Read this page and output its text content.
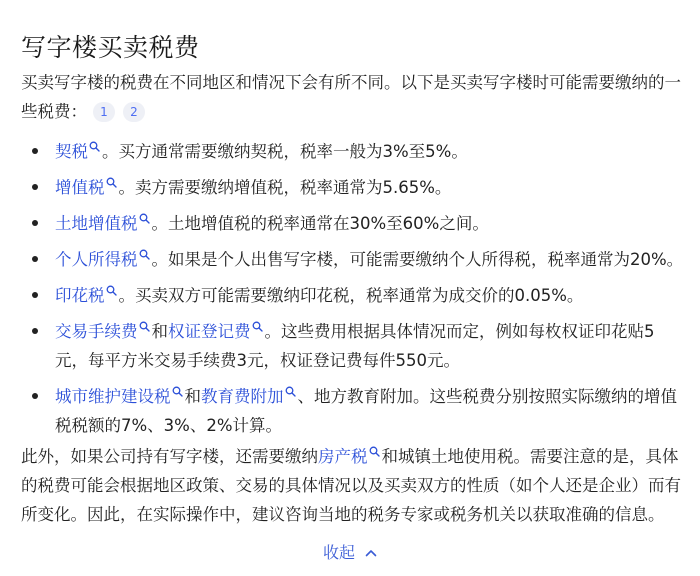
写字楼买卖税费
买卖写字楼的税费在不同地区和情况下会有所不同。以下是买卖写字楼时可能需要缴纳的一些税费：	1	2
契税 。买方通常需要缴纳契税，税率一般为3%至5%。
增值税 。卖方需要缴纳增值税，税率通常为5.65%。
土地增值税 。土地增值税的税率通常在30%至60%之间。
个人所得税 。如果是个人出售写字楼，可能需要缴纳个人所得税，税率通常为20%。
印花税 。买卖双方可能需要缴纳印花税，税率通常为成交价的0.05%。
交易手续费 和权证登记费 。这些费用根据具体情况而定，例如每枚权证印花贴5元，每平方米交易手续费3元，权证登记费每件550元。
城市维护建设税 和教育费附加 、地方教育附加。这些税费分别按照实际缴纳的增值税税额的7%、3%、2%计算。
此外，如果公司持有写字楼，还需要缴纳房产税 和城镇土地使用税。需要注意的是，具体的税费可能会根据地区政策、交易的具体情况以及买卖双方的性质（如个人还是企业）而有所变化。因此，在实际操作中，建议咨询当地的税务专家或税务机关以获取准确的信息。
收起
